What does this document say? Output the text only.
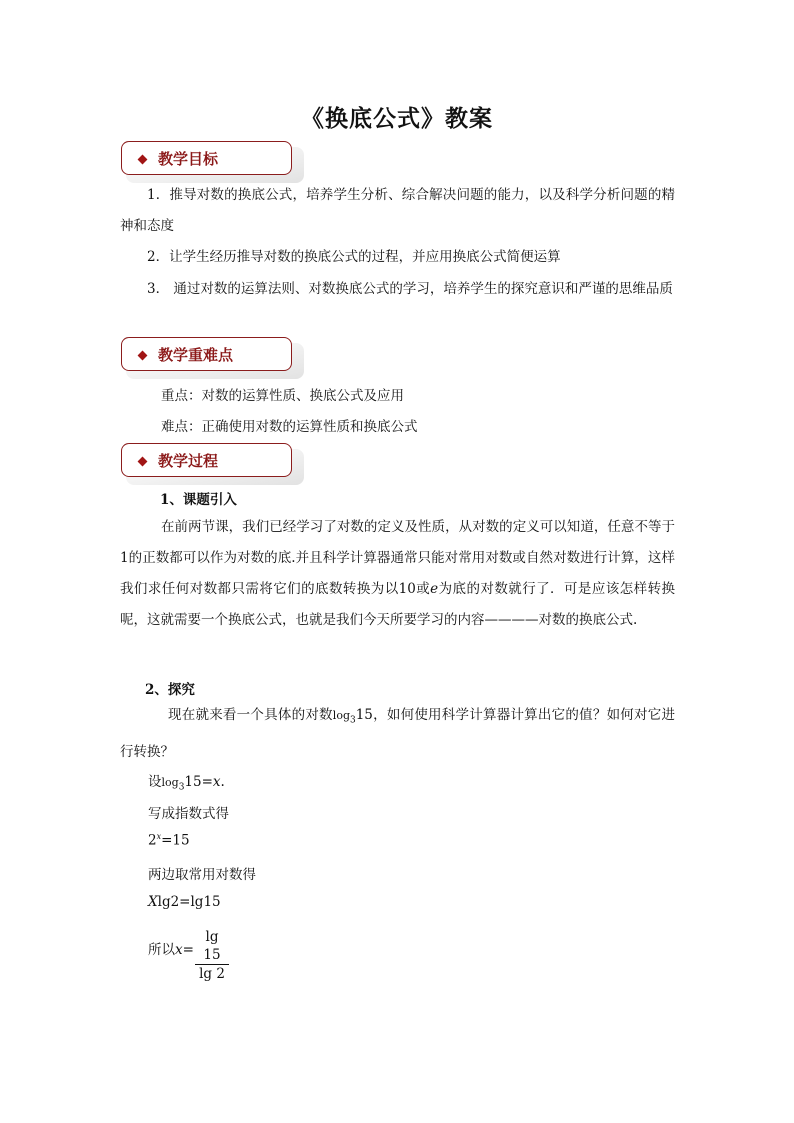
《换底公式》教案
教学目标
1．推导对数的换底公式，培养学生分析、综合解决问题的能力，以及科学分析问题的精神和态度
2．让学生经历推导对数的换底公式的过程，并应用换底公式简便运算
3． 通过对数的运算法则、对数换底公式的学习，培养学生的探究意识和严谨的思维品质
教学重难点
重点：对数的运算性质、换底公式及应用
难点：正确使用对数的运算性质和换底公式
教学过程
1、课题引入
在前两节课，我们已经学习了对数的定义及性质，从对数的定义可以知道，任意不等于1的正数都可以作为对数的底.并且科学计算器通常只能对常用对数或自然对数进行计算，这样我们求任何对数都只需将它们的底数转换为以10或e为底的对数就行了．可是应该怎样转换呢，这就需要一个换底公式，也就是我们今天所要学习的内容————对数的换底公式.
2、探究
现在就来看一个具体的对数$\log_315$，如何使用科学计算器计算出它的值？如何对它进行转换？
设$\log_315=x$.
写成指数式得
$2^x=15$
两边取常用对数得
Xlg2=lg15
所以$x= \frac{\lg 15}{\lg 2}$
